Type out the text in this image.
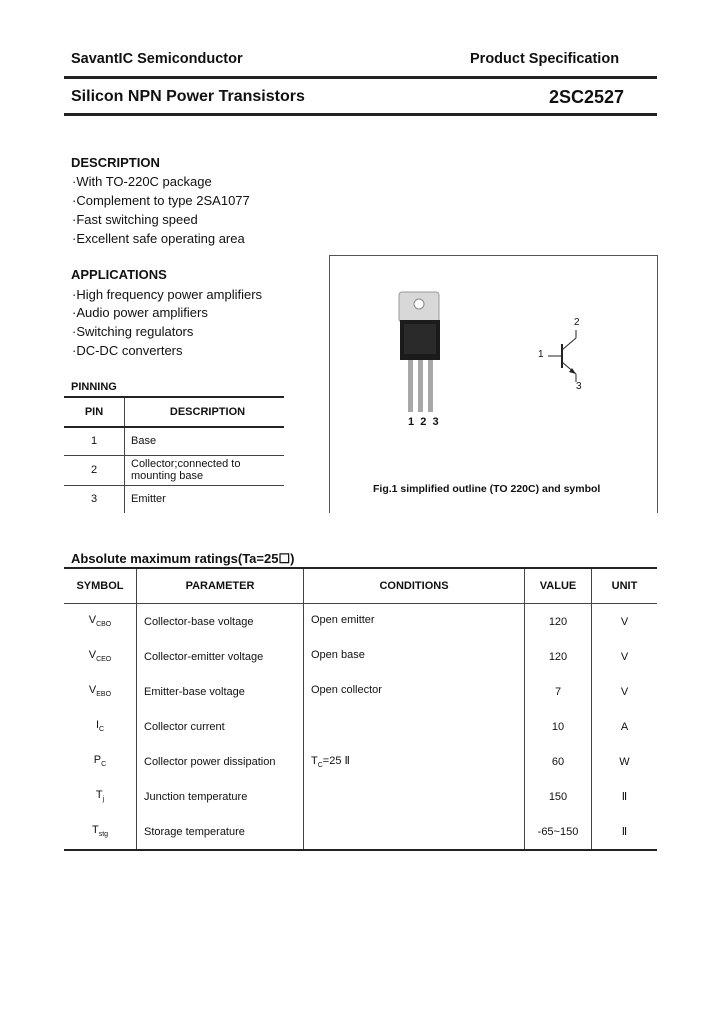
SavantIC Semiconductor	Product Specification
Silicon NPN Power Transistors	2SC2527
DESCRIPTION
·With TO-220C package
·Complement to type 2SA1077
·Fast switching speed
·Excellent safe operating area
APPLICATIONS
·High frequency power amplifiers
·Audio power amplifiers
·Switching regulators
·DC-DC converters
PINNING
PIN	DESCRIPTION
1	Base
2	Collector;connected to
mounting base

3	Emitter
1  2  3
1
2
3
Fig.1 simplified outline (TO 220C) and symbol
Absolute maximum ratings(Ta=25☐)
SYMBOL	PARAMETER	CONDITIONS	VALUE	UNIT
$V_{CBO}$	Collector-base voltage	Open emitter	120	V
$V_{CEO}$	Collector-emitter voltage	Open base	120	V
$V_{EBO}$	Emitter-base voltage	Open collector	7	V
$I_C$	Collector current		10	A
$P_C$	Collector power dissipation	$T_C=25$ Ⅱ	60	W
$T_j$	Junction temperature		150	Ⅱ
$T_{stg}$	Storage temperature		-65~150	Ⅱ
